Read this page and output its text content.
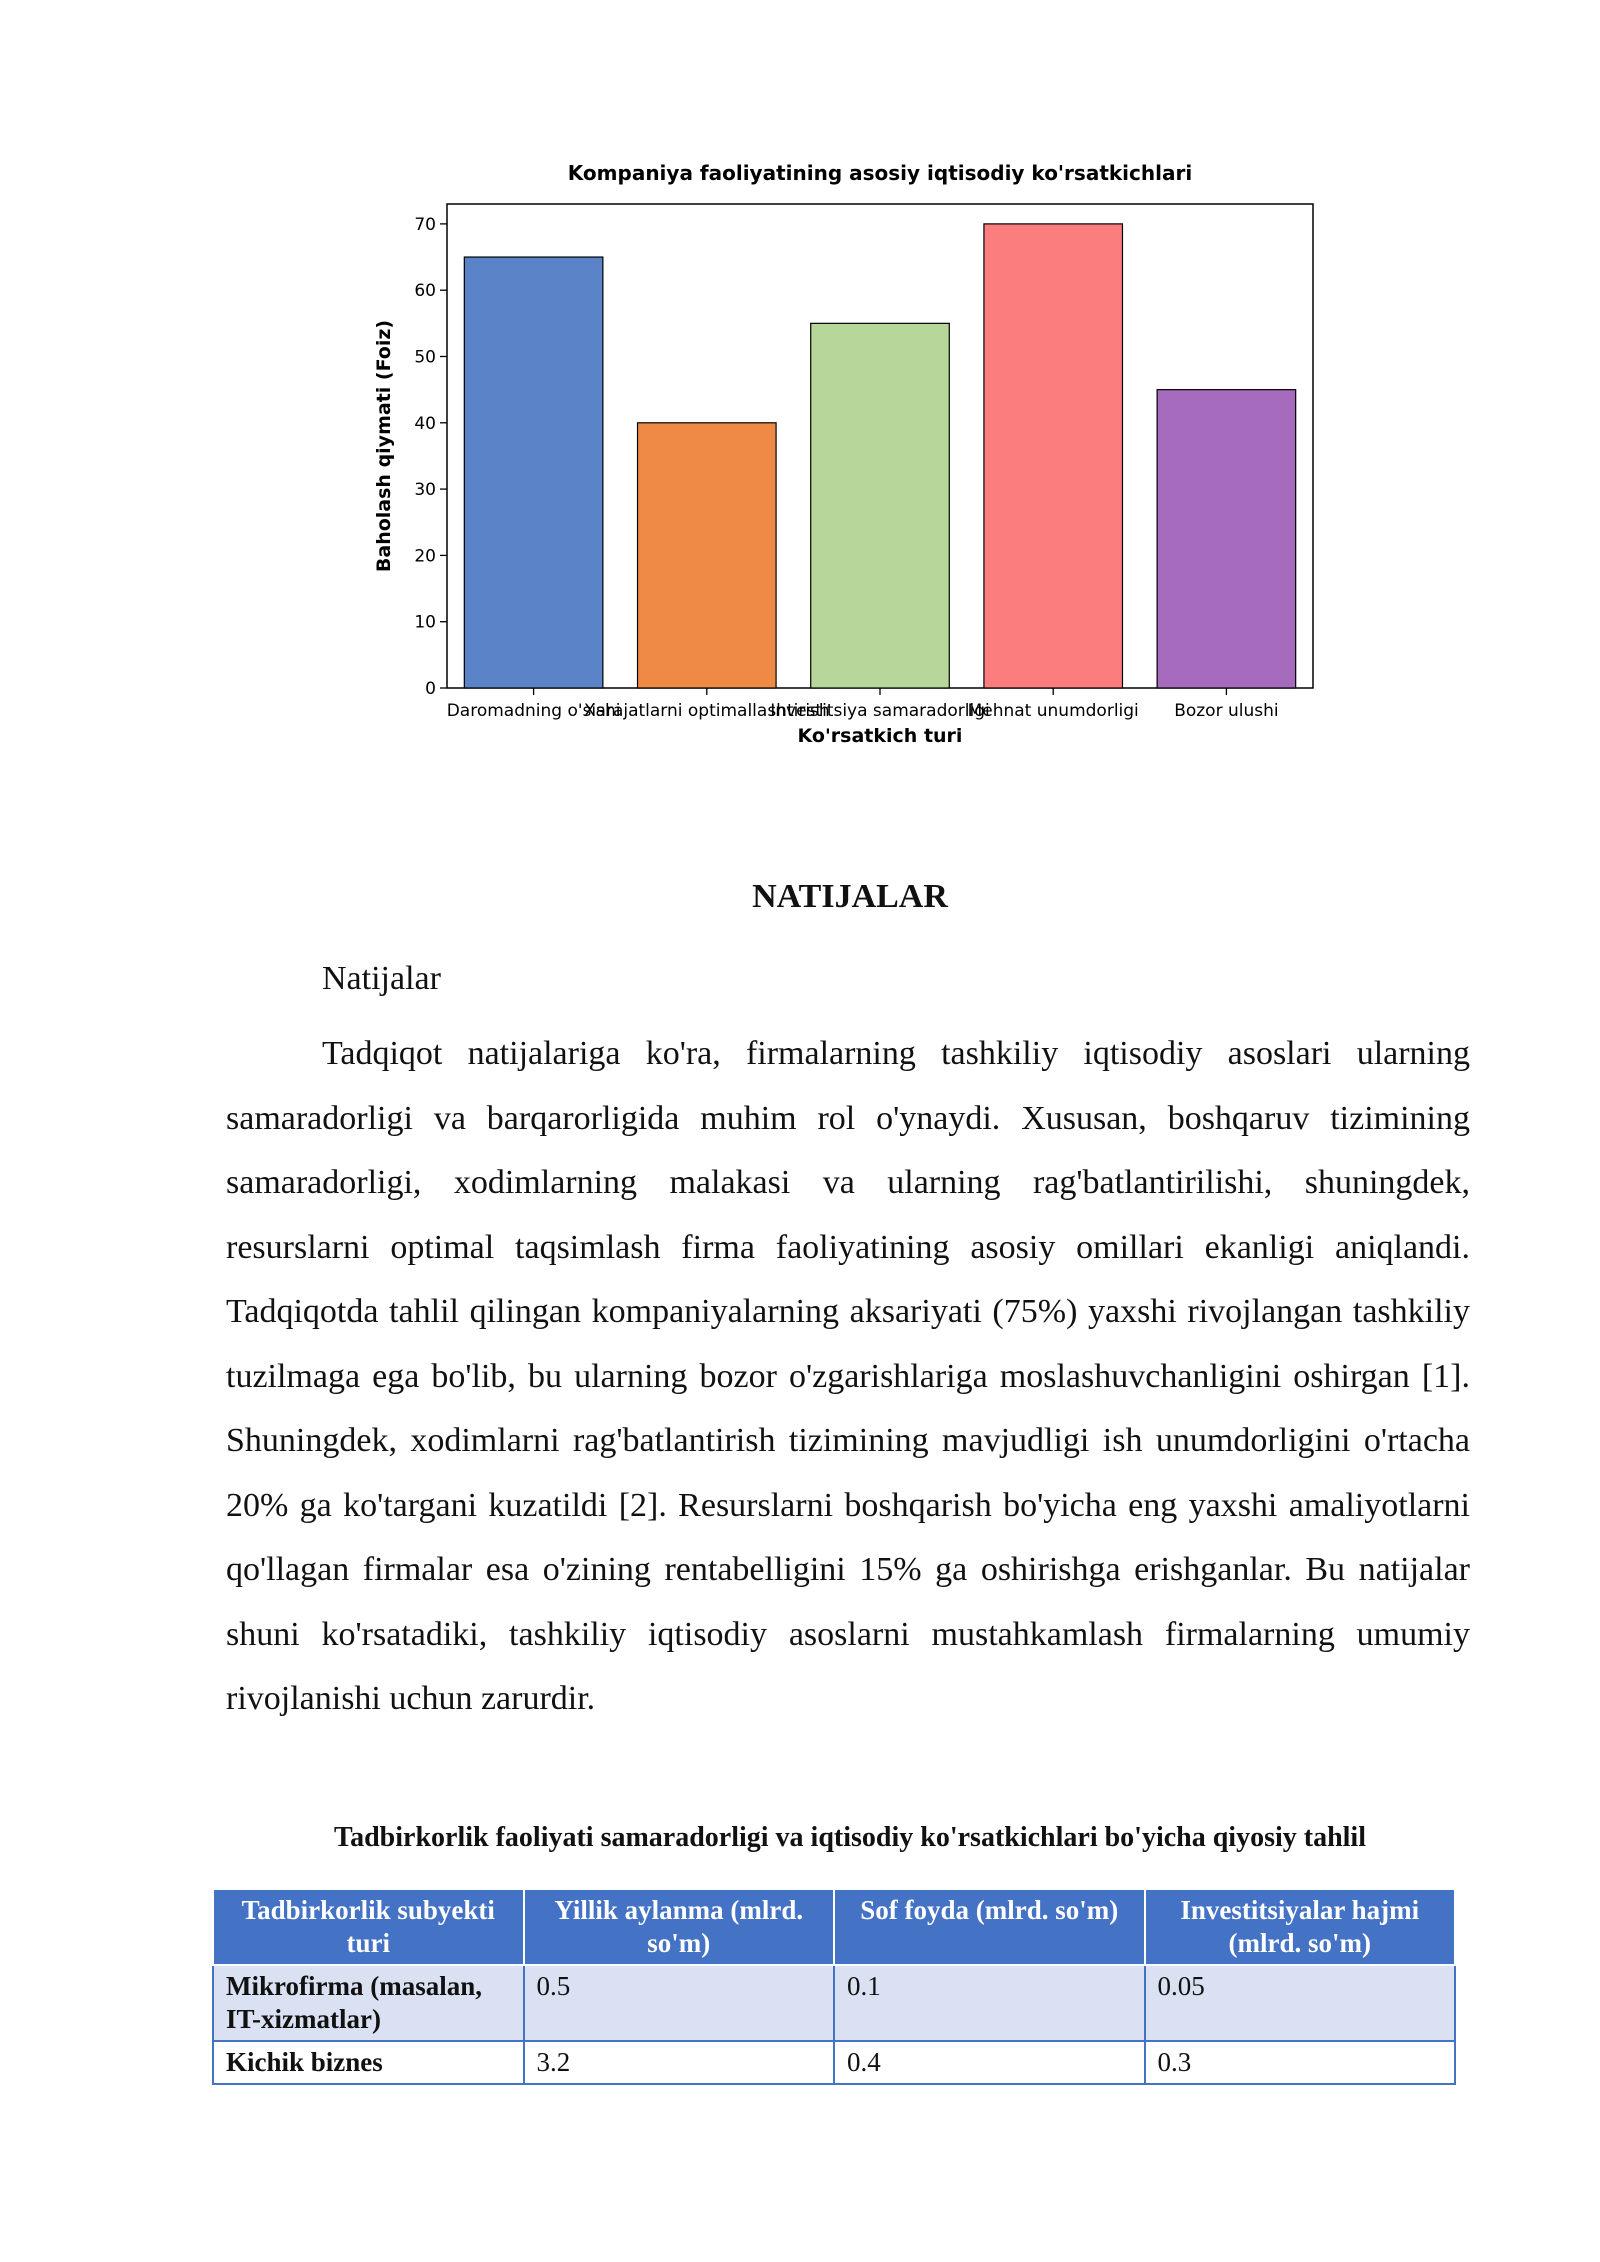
Kompaniya faoliyatining asosiy iqtisodiy ko'rsatkichlari
0
10
20
30
40
50
60
70
Daromadning o'sishi
Xarajatlarni optimallashtirish
Investitsiya samaradorligi
Mehnat unumdorligi Bozor ulushi
Ko'rsatkich turi
Baholash qiymati (Foiz)
NATIJALAR
Natijalar

Tadqiqot natijalariga ko'ra, firmalarning tashkiliy iqtisodiy asoslari ularning samaradorligi va barqarorligida muhim rol o'ynaydi. Xususan, boshqaruv tizimining samaradorligi, xodimlarning malakasi va ularning rag'batlantirilishi, shuningdek, resurslarni optimal taqsimlash firma faoliyatining asosiy omillari ekanligi aniqlandi. Tadqiqotda tahlil qilingan kompaniyalarning aksariyati (75%) yaxshi rivojlangan tashkiliy tuzilmaga ega bo'lib, bu ularning bozor o'zgarishlariga moslashuvchanligini oshirgan [1]. Shuningdek, xodimlarni rag'batlantirish tizimining mavjudligi ish unumdorligini o'rtacha 20% ga ko'targani kuzatildi [2]. Resurslarni boshqarish bo'yicha eng yaxshi amaliyotlarni qo'llagan firmalar esa o'zining rentabelligini 15% ga oshirishga erishganlar. Bu natijalar shuni ko'rsatadiki, tashkiliy iqtisodiy asoslarni mustahkamlash firmalarning umumiy rivojlanishi uchun zarurdir.

Tadbirkorlik faoliyati samaradorligi va iqtisodiy ko'rsatkichlari bo'yicha qiyosiy tahlil
Tadbirkorlik subyekti turi	Yillik aylanma (mlrd. so'm)	Sof foyda (mlrd. so'm)	Investitsiyalar hajmi (mlrd. so'm)
Mikrofirma (masalan, IT-xizmatlar)	0.5	0.1	0.05
Kichik biznes	3.2	0.4	0.3
